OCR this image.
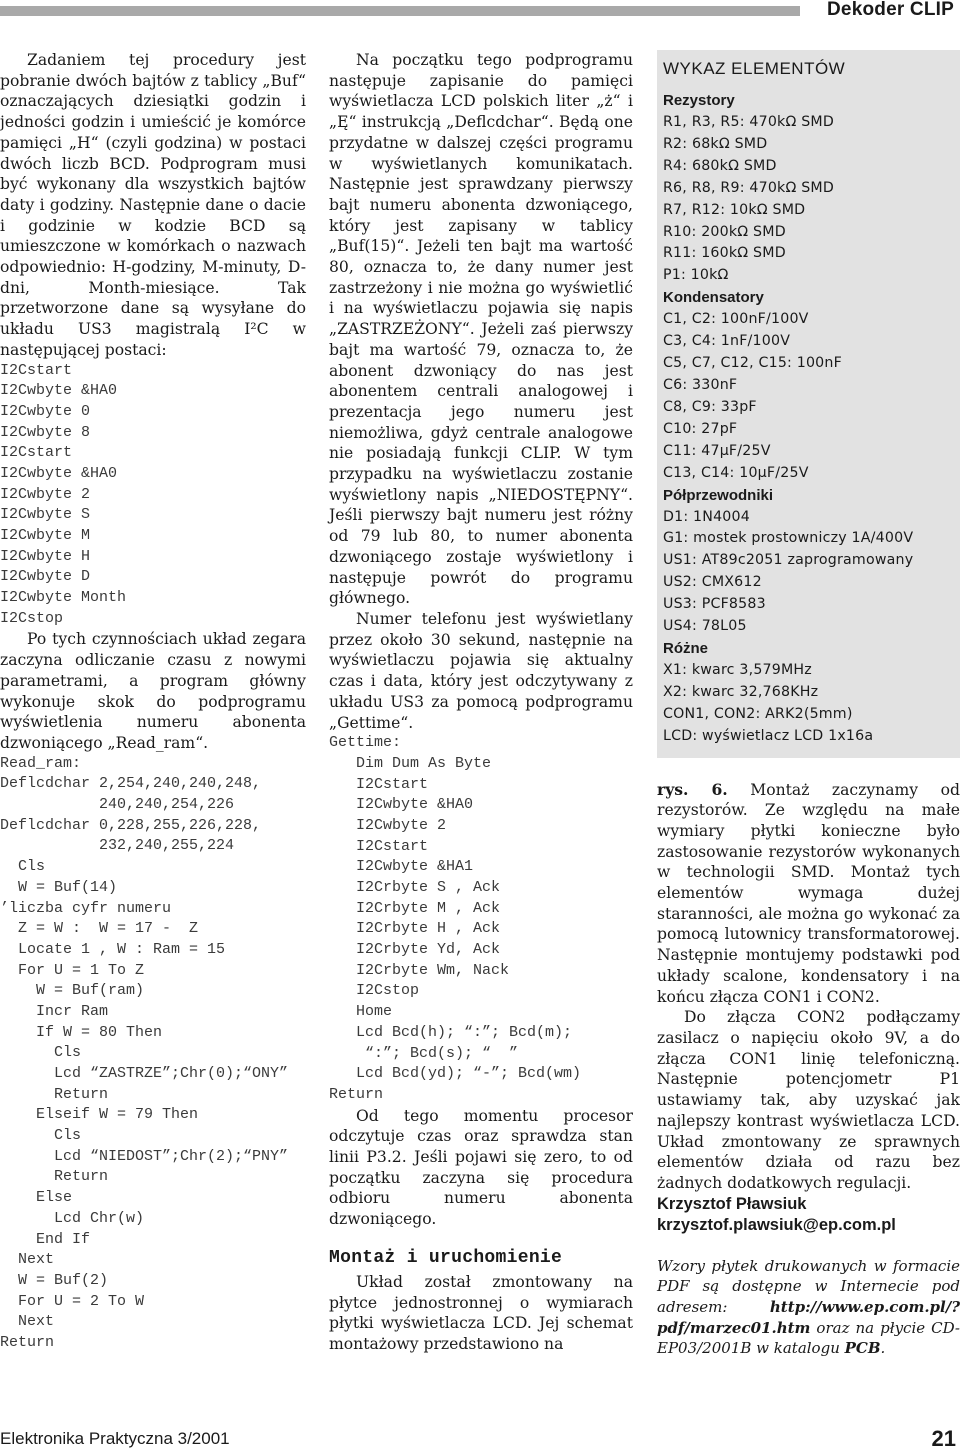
Dekoder CLIP

Zadaniem tej procedury jest pobranie dwóch bajtów z tablicy „Buf“ oznaczających dziesiątki godzin i jedności godzin i umieścić je komórce pamięci „H“ (czyli godzina) w postaci dwóch liczb BCD. Podprogram musi być wykonany dla wszystkich bajtów daty i godziny. Następnie dane o dacie i godzinie w kodzie BCD są umieszczone w komórkach o nazwach odpowiednio: H-godziny, M-minuty, D-dni, Month-miesiące. Tak przetworzone dane są wysyłane do układu US3 magistralą I²C w następującej postaci:

I2Cstart
I2Cwbyte &HA0
I2Cwbyte 0
I2Cwbyte 8
I2Cstart
I2Cwbyte &HA0
I2Cwbyte 2
I2Cwbyte S
I2Cwbyte M
I2Cwbyte H
I2Cwbyte D
I2Cwbyte Month
I2Cstop

Po tych czynnościach układ zegara zaczyna odliczanie czasu z nowymi parametrami, a program główny wykonuje skok do podprogramu wyświetlenia numeru abonenta dzwoniącego „Read_ram“.

Read_ram:
Deflcdchar 2,254,240,240,248,
240,240,254,226
Deflcdchar 0,228,255,226,228,
232,240,255,224
Cls
W = Buf(14)
’liczba cyfr numeru
Z = W :  W = 17 -  Z
Locate 1 , W : Ram = 15
For U = 1 To Z
W = Buf(ram)
Incr Ram
If W = 80 Then
Cls
Lcd “ZASTRZE”;Chr(0);“ONY”
Return
Elseif W = 79 Then
Cls
Lcd “NIEDOST”;Chr(2);“PNY”
Return
Else
Lcd Chr(w)
End If
Next
W = Buf(2)
For U = 2 To W
Next
Return

Na początku tego podprogramu następuje zapisanie do pamięci wyświetlacza LCD polskich liter „ż“ i „Ę“ instrukcją „Deflcdchar“. Będą one przydatne w dalszej części programu w wyświetlanych komunikatach. Następnie jest sprawdzany pierwszy bajt numeru abonenta dzwoniącego, który jest zapisany w tablicy „Buf(15)“. Jeżeli ten bajt ma wartość 80, oznacza to, że dany numer jest zastrzeżony i nie można go wyświetlić i na wyświetlaczu pojawia się napis „ZASTRZEŻONY“. Jeżeli zaś pierwszy bajt ma wartość 79, oznacza to, że abonent dzwoniący do nas jest abonentem centrali analogowej i prezentacja jego numeru jest niemożliwa, gdyż centrale analogowe nie posiadają funkcji CLIP. W tym przypadku na wyświetlaczu zostanie wyświetlony napis „NIEDOSTĘPNY“. Jeśli pierwszy bajt numeru jest różny od 79 lub 80, to numer abonenta dzwoniącego zostaje wyświetlony i następuje powrót do programu głównego.

Numer telefonu jest wyświetlany przez około 30 sekund, następnie na wyświetlaczu pojawia się aktualny czas i data, który jest odczytywany z układu US3 za pomocą podprogramu „Gettime“.

Gettime:
Dim Dum As Byte
I2Cstart
I2Cwbyte &HA0
I2Cwbyte 2
I2Cstart
I2Cwbyte &HA1
I2Crbyte S , Ack
I2Crbyte M , Ack
I2Crbyte H , Ack
I2Crbyte Yd, Ack
I2Crbyte Wm, Nack
I2Cstop
Home
Lcd Bcd(h); “:”; Bcd(m);
“:”; Bcd(s); “  ”
Lcd Bcd(yd); “-”; Bcd(wm)
Return

Od tego momentu procesor odczytuje czas oraz sprawdza stan linii P3.2. Jeśli pojawi się zero, to od początku zaczyna się procedura odbioru numeru abonenta dzwoniącego.

Montaż i uruchomienie

Układ został zmontowany na płytce jednostronnej o wymiarach płytki wyświetlacza LCD. Jej schemat montażowy przedstawiono na

WYKAZ ELEMENTÓW
Rezystory
R1, R3, R5: 470kΩ SMD
R2: 68kΩ SMD
R4: 680kΩ SMD
R6, R8, R9: 470kΩ SMD
R7, R12: 10kΩ SMD
R10: 200kΩ SMD
R11: 160kΩ SMD
P1: 10kΩ
Kondensatory
C1, C2: 100nF/100V
C3, C4: 1nF/100V
C5, C7, C12, C15: 100nF
C6: 330nF
C8, C9: 33pF
C10: 27pF
C11: 47µF/25V
C13, C14: 10µF/25V
Półprzewodniki
D1: 1N4004
G1: mostek prostowniczy 1A/400V
US1: AT89c2051 zaprogramowany
US2: CMX612
US3: PCF8583
US4: 78L05
Różne
X1: kwarc 3,579MHz
X2: kwarc 32,768KHz
CON1, CON2: ARK2(5mm)
LCD: wyświetlacz LCD 1x16a

rys. 6. Montaż zaczynamy od rezystorów. Ze względu na małe wymiary płytki konieczne było zastosowanie rezystorów wykonanych w technologii SMD. Montaż tych elementów wymaga dużej staranności, ale można go wykonać za pomocą lutownicy transformatorowej. Następnie montujemy podstawki pod układy scalone, kondensatory i na końcu złącza CON1 i CON2.

Do złącza CON2 podłączamy zasilacz o napięciu około 9V, a do złącza CON1 linię telefoniczną. Następnie potencjometr P1 ustawiamy tak, aby uzyskać jak najlepszy kontrast wyświetlacza LCD. Układ zmontowany ze sprawnych elementów działa od razu bez żadnych dodatkowych regulacji.

Krzysztof Pławsiuk
krzysztof.plawsiuk@ep.com.pl

Wzory płytek drukowanych w formacie PDF są dostępne w Internecie pod adresem: http://www.ep.com.pl/?pdf/marzec01.htm oraz na płycie CD-EP03/2001B w katalogu PCB.

Elektronika Praktyczna 3/2001	21
